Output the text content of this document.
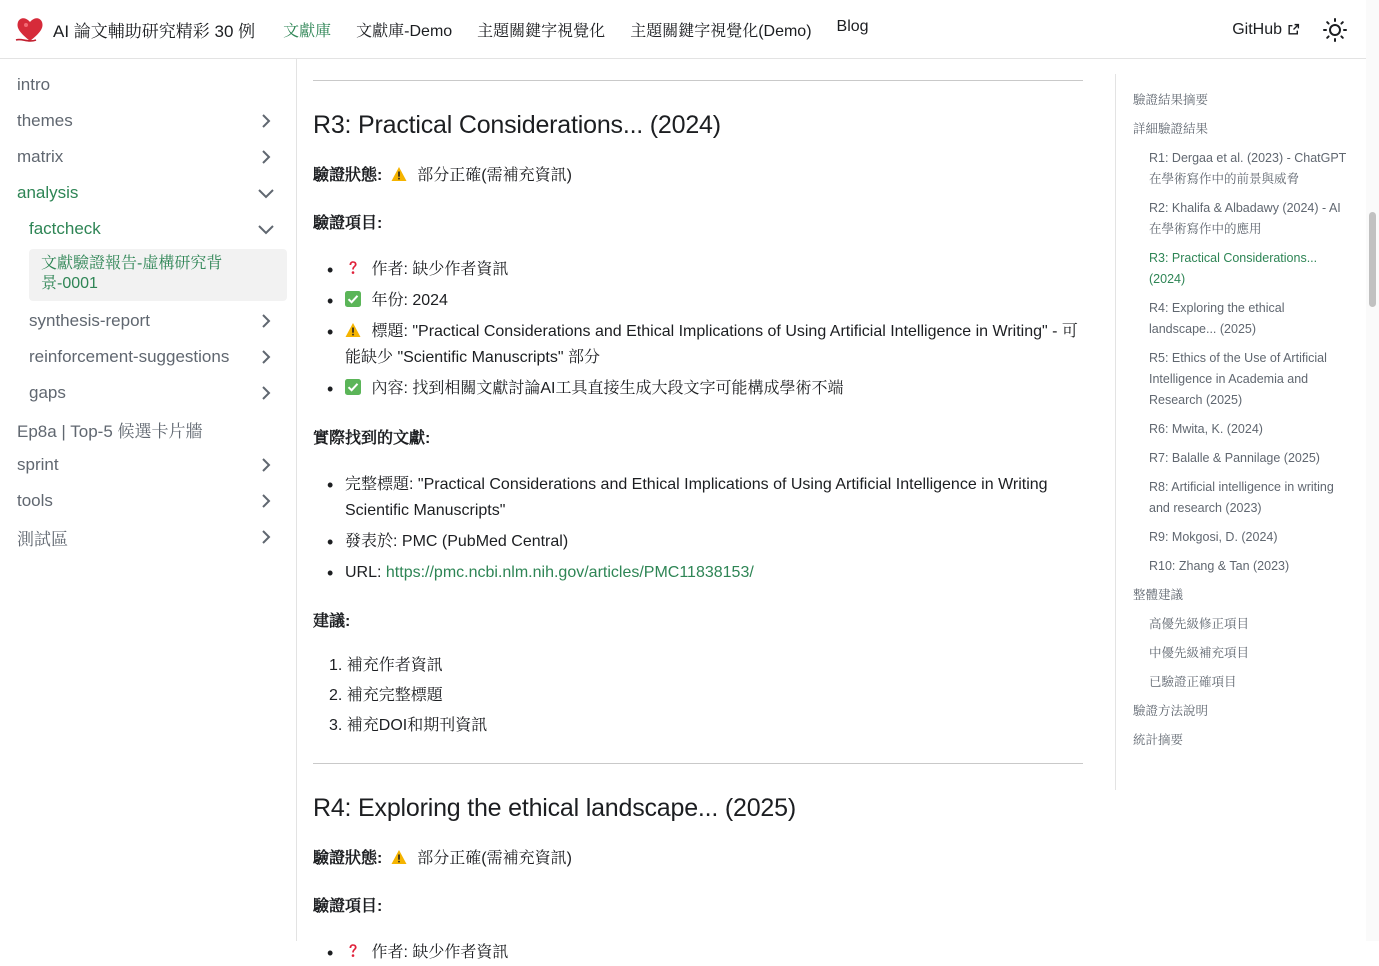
AI 論文輔助研究精彩 30 例 文獻庫 文獻庫-Demo 主題關鍵字視覺化 主題關鍵字視覺化(Demo) Blog	GitHub
intro
themes
matrix
analysis
factcheck
文獻驗證報告-虛構研究背景-0001
synthesis-report
reinforcement-suggestions
gaps
Ep8a | Top-5 候選卡片牆
sprint
tools
測試區
R3: Practical Considerations... (2024)
驗證狀態: 部分正確(需補充資訊)
驗證項目:
• 作者: 缺少作者資訊
• 年份: 2024
• 標題: "Practical Considerations and Ethical Implications of Using Artificial Intelligence in Writing" - 可能缺少 "Scientific Manuscripts" 部分
• 內容: 找到相關文獻討論AI工具直接生成大段文字可能構成學術不端
實際找到的文獻:
• 完整標題: "Practical Considerations and Ethical Implications of Using Artificial Intelligence in Writing Scientific Manuscripts"
• 發表於: PMC (PubMed Central)
• URL: https://pmc.ncbi.nlm.nih.gov/articles/PMC11838153/
建議:
1. 補充作者資訊
2. 補充完整標題
3. 補充DOI和期刊資訊
R4: Exploring the ethical landscape... (2025)
驗證狀態: 部分正確(需補充資訊)
驗證項目:
• 作者: 缺少作者資訊
驗證結果摘要
詳細驗證結果
R1: Dergaa et al. (2023) - ChatGPT在學術寫作中的前景與威脅
R2: Khalifa & Albadawy (2024) - AI在學術寫作中的應用
R3: Practical Considerations... (2024)
R4: Exploring the ethical landscape... (2025)
R5: Ethics of the Use of Artificial Intelligence in Academia and Research (2025)
R6: Mwita, K. (2024)
R7: Balalle & Pannilage (2025)
R8: Artificial intelligence in writing and research (2023)
R9: Mokgosi, D. (2024)
R10: Zhang & Tan (2023)
整體建議
高優先級修正項目
中優先級補充項目
已驗證正確項目
驗證方法說明
統計摘要
